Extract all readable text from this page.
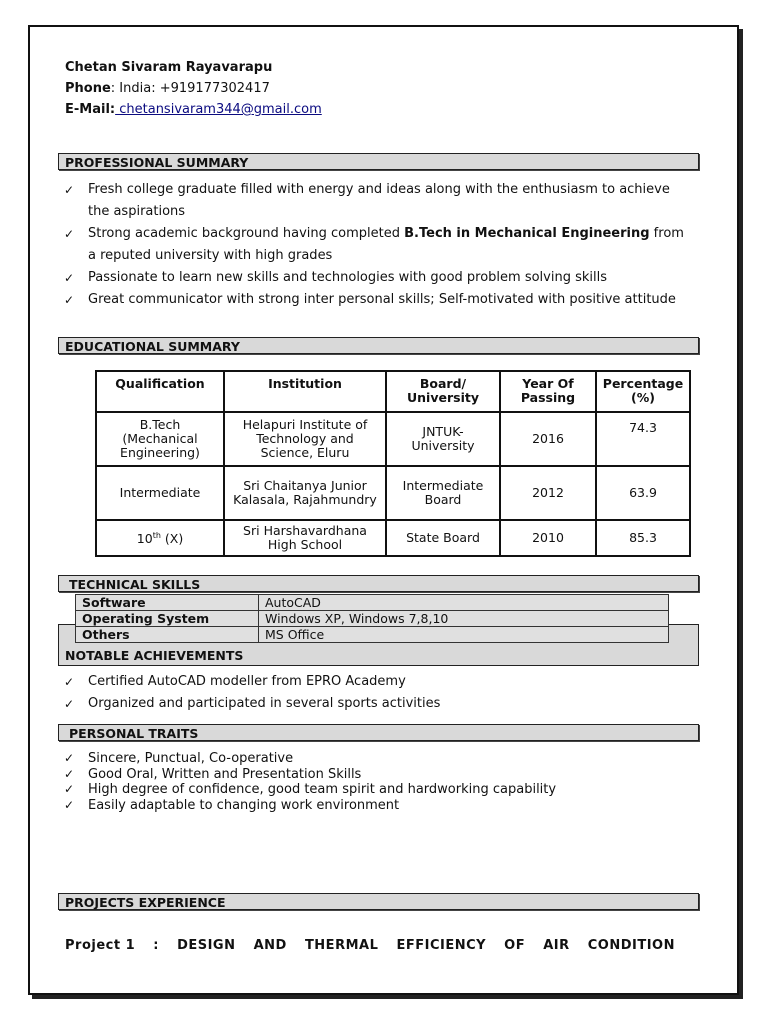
Chetan Sivaram Rayavarapu
Phone: India: +919177302417
E-Mail: chetansivaram344@gmail.com
PROFESSIONAL SUMMARY
✓ Fresh college graduate filled with energy and ideas along with the enthusiasm to achieve the aspirations
✓ Strong academic background having completed B.Tech in Mechanical Engineering from a reputed university with high grades
✓ Passionate to learn new skills and technologies with good problem solving skills
✓ Great communicator with strong inter personal skills; Self-motivated with positive attitude
EDUCATIONAL SUMMARY
Qualification	Institution	Board/ University	Year Of Passing	Percentage (%)
B.Tech (Mechanical Engineering)	Helapuri Institute of Technology and Science, Eluru	JNTUK-University	2016	74.3
Intermediate	Sri Chaitanya Junior Kalasala, Rajahmundry	Intermediate Board	2012	63.9
10th (X)	Sri Harshavardhana High School	State Board	2010	85.3
TECHNICAL SKILLS
Software	AutoCAD
Operating System	Windows XP, Windows 7,8,10
Others	MS Office
NOTABLE ACHIEVEMENTS
✓ Certified AutoCAD modeller from EPRO Academy
✓ Organized and participated in several sports activities
PERSONAL TRAITS
✓ Sincere, Punctual, Co-operative
✓ Good Oral, Written and Presentation Skills
✓ High degree of confidence, good team spirit and hardworking capability
✓ Easily adaptable to changing work environment
PROJECTS EXPERIENCE
Project 1 : DESIGN AND THERMAL EFFICIENCY OF AIR CONDITION
